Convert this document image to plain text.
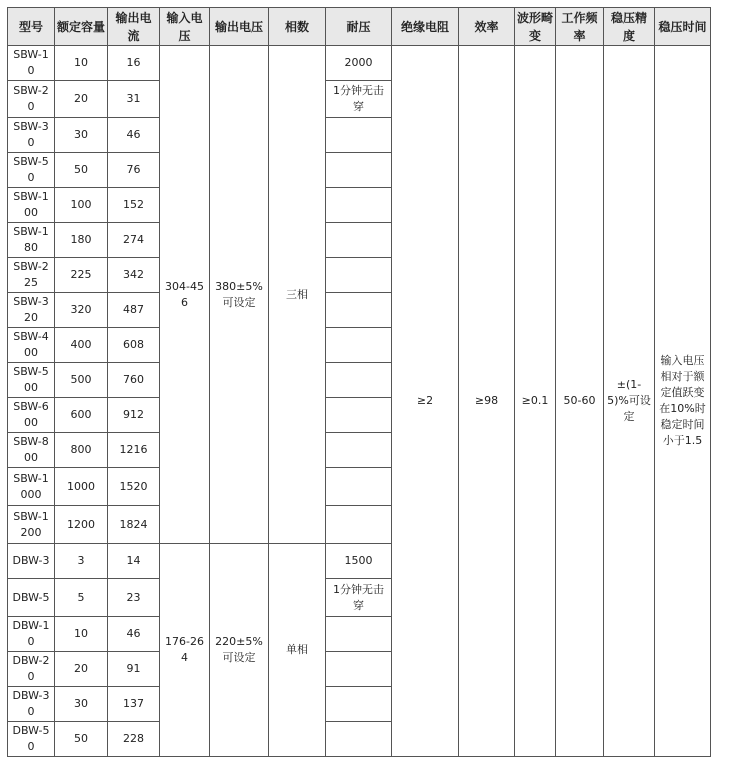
型号	额定容量	输出电流	输入电压	输出电压	相数	耐压	绝缘电阻	效率	波形畸变	工作频率	稳压精度	稳压时间
SBW-10	10	16	304-456	380±5%可设定	三相	2000	≥2	≥98	≥0.1	50-60	±(1-5)%可设定	输入电压相对于额定值跃变在10%时稳定时间小于1.5
SBW-20	20	31				1分钟无击穿						
SBW-30	30	46										
SBW-50	50	76										
SBW-100	100	152										
SBW-180	180	274										
SBW-225	225	342										
SBW-320	320	487										
SBW-400	400	608										
SBW-500	500	760										
SBW-600	600	912										
SBW-800	800	1216										
SBW-1000	1000	1520										
SBW-1200	1200	1824										
DBW-3	3	14	176-264	220±5%可设定	单相	1500						
DBW-5	5	23				1分钟无击穿						
DBW-10	10	46										
DBW-20	20	91										
DBW-30	30	137										
DBW-50	50	228										
